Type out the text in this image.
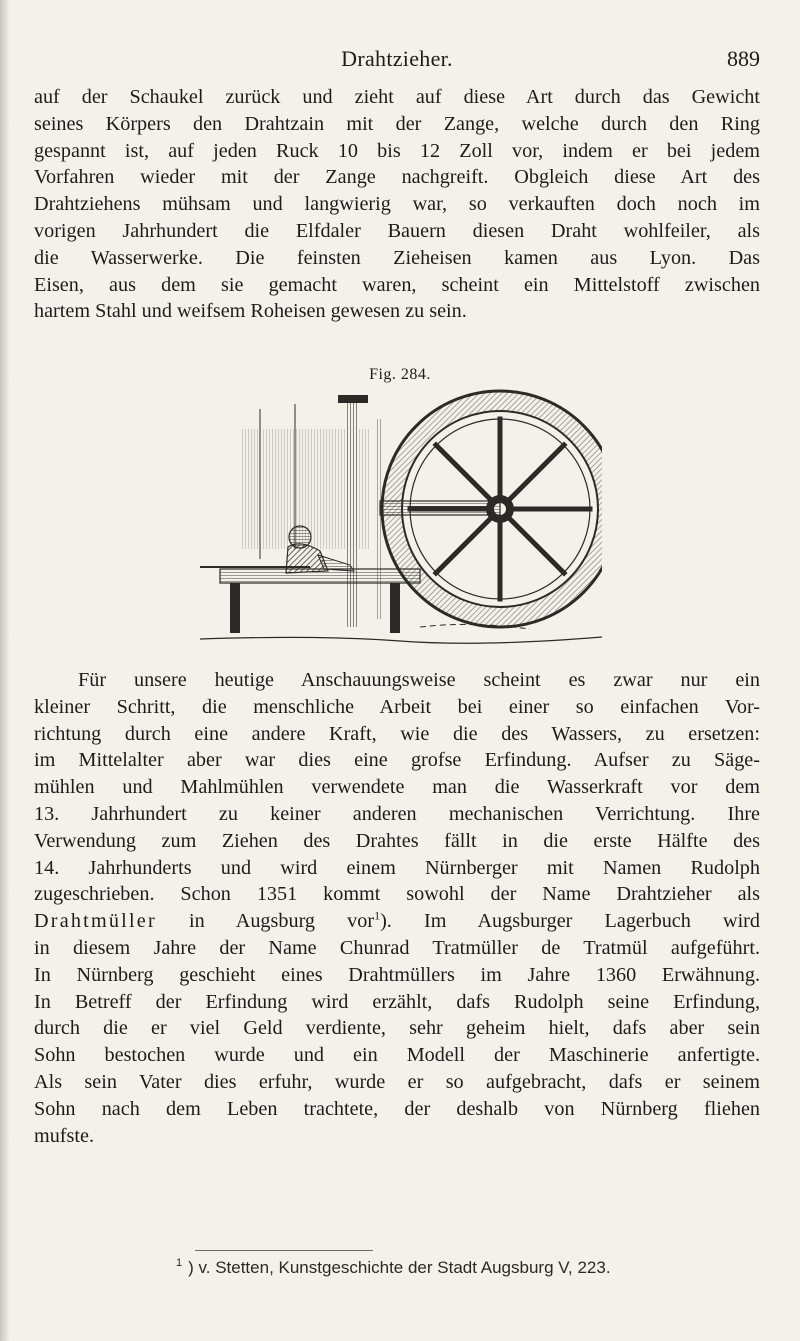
Drahtzieher.	889
auf der Schaukel zurück und zieht auf diese Art durch das Gewicht
seines Körpers den Drahtzain mit der Zange, welche durch den Ring
gespannt ist, auf jeden Ruck 10 bis 12 Zoll vor, indem er bei jedem
Vorfahren wieder mit der Zange nachgreift. Obgleich diese Art des
Drahtziehens mühsam und langwierig war, so verkauften doch noch im
vorigen Jahrhundert die Elfdaler Bauern diesen Draht wohlfeiler, als
die Wasserwerke. Die feinsten Zieheisen kamen aus Lyon. Das
Eisen, aus dem sie gemacht waren, scheint ein Mittelstoff zwischen
hartem Stahl und weifsem Roheisen gewesen zu sein.
Fig. 284.
Für unsere heutige Anschauungsweise scheint es zwar nur ein
kleiner Schritt, die menschliche Arbeit bei einer so einfachen Vor-
richtung durch eine andere Kraft, wie die des Wassers, zu ersetzen:
im Mittelalter aber war dies eine grofse Erfindung. Aufser zu Säge-
mühlen und Mahlmühlen verwendete man die Wasserkraft vor dem
13. Jahrhundert zu keiner anderen mechanischen Verrichtung. Ihre
Verwendung zum Ziehen des Drahtes fällt in die erste Hälfte des
14. Jahrhunderts und wird einem Nürnberger mit Namen Rudolph
zugeschrieben. Schon 1351 kommt sowohl der Name Drahtzieher als
Drahtmüller in Augsburg vor$^1$). Im Augsburger Lagerbuch wird
in diesem Jahre der Name Chunrad Tratmüller de Tratmül aufgeführt.
In Nürnberg geschieht eines Drahtmüllers im Jahre 1360 Erwähnung.
In Betreff der Erfindung wird erzählt, dafs Rudolph seine Erfindung,
durch die er viel Geld verdiente, sehr geheim hielt, dafs aber sein
Sohn bestochen wurde und ein Modell der Maschinerie anfertigte.
Als sein Vater dies erfuhr, wurde er so aufgebracht, dafs er seinem
Sohn nach dem Leben trachtete, der deshalb von Nürnberg fliehen
mufste.
$^1$ ) v. Stetten, Kunstgeschichte der Stadt Augsburg V, 223.
